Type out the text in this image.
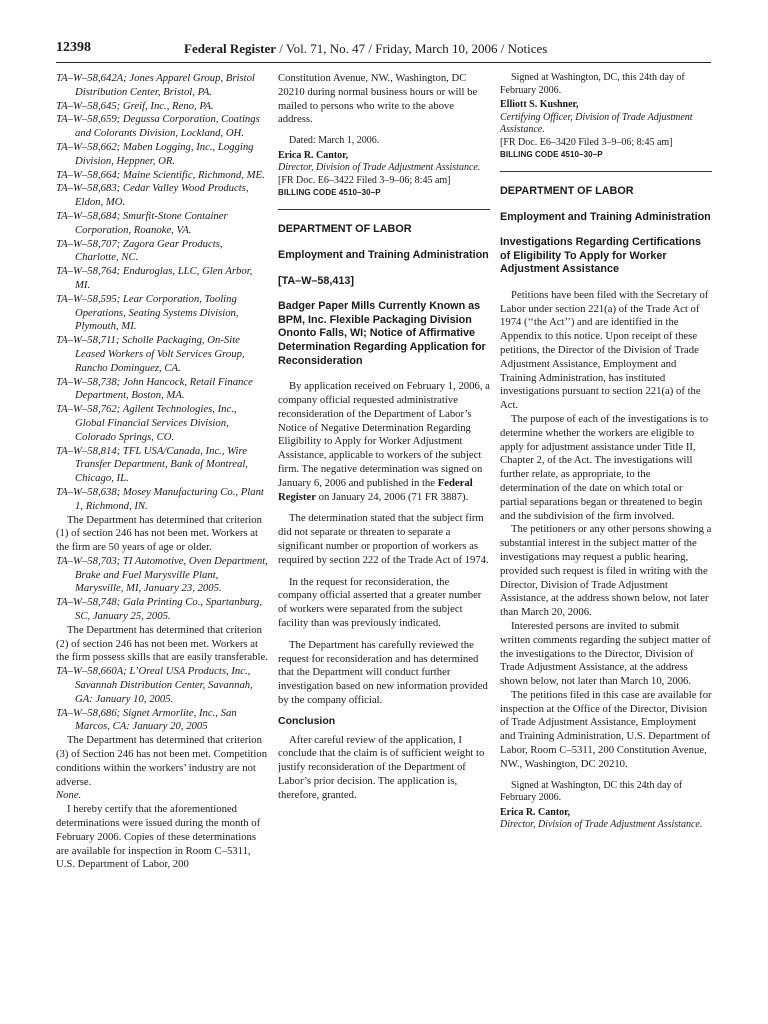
12398	Federal Register / Vol. 71, No. 47 / Friday, March 10, 2006 / Notices

TA–W–58,642A; Jones Apparel Group, Bristol Distribution Center, Bristol, PA.

TA–W–58,645; Greif, Inc., Reno, PA.

TA–W–58,659; Degussa Corporation, Coatings and Colorants Division, Lockland, OH.

TA–W–58,662; Maben Logging, Inc., Logging Division, Heppner, OR.

TA–W–58,664; Maine Scientific, Richmond, ME.

TA–W–58,683; Cedar Valley Wood Products, Eldon, MO.

TA–W–58,684; Smurfit-Stone Container Corporation, Roanoke, VA.

TA–W–58,707; Zagora Gear Products, Charlotte, NC.

TA–W–58,764; Enduroglas, LLC, Glen Arbor, MI.

TA–W–58,595; Lear Corporation, Tooling Operations, Seating Systems Division, Plymouth, MI.

TA–W–58,711; Scholle Packaging, On-Site Leased Workers of Volt Services Group, Rancho Dominguez, CA.

TA–W–58,738; John Hancock, Retail Finance Department, Boston, MA.

TA–W–58,762; Agilent Technologies, Inc., Global Financial Services Division, Colorado Springs, CO.

TA–W–58,814; TFL USA/Canada, Inc., Wire Transfer Department, Bank of Montreal, Chicago, IL.

TA–W–58,638; Mosey Manufacturing Co., Plant 1, Richmond, IN.

The Department has determined that criterion (1) of section 246 has not been met. Workers at the firm are 50 years of age or older.

TA–W–58,703; TI Automotive, Oven Department, Brake and Fuel Marysville Plant, Marysville, MI, January 23, 2005.

TA–W–58,748; Gala Printing Co., Spartanburg, SC, January 25, 2005.

The Department has determined that criterion (2) of section 246 has not been met. Workers at the firm possess skills that are easily transferable.

TA–W–58,660A; L’Oreal USA Products, Inc., Savannah Distribution Center, Savannah, GA: January 10, 2005.

TA–W–58,686; Signet Armorlite, Inc., San Marcos, CA: January 20, 2005

The Department has determined that criterion (3) of Section 246 has not been met. Competition conditions within the workers’ industry are not adverse.

None.

I hereby certify that the aforementioned determinations were issued during the month of February 2006. Copies of these determinations are available for inspection in Room C–5311, U.S. Department of Labor, 200

Constitution Avenue, NW., Washington, DC 20210 during normal business hours or will be mailed to persons who write to the above address.

Dated: March 1, 2006.

Erica R. Cantor,

Director, Division of Trade Adjustment Assistance.

[FR Doc. E6–3422 Filed 3–9–06; 8:45 am]

BILLING CODE 4510–30–P

DEPARTMENT OF LABOR

Employment and Training Administration

[TA–W–58,413]

Badger Paper Mills Currently Known as BPM, Inc. Flexible Packaging Division Ononto Falls, WI; Notice of Affirmative Determination Regarding Application for Reconsideration

By application received on February 1, 2006, a company official requested administrative reconsideration of the Department of Labor’s Notice of Negative Determination Regarding Eligibility to Apply for Worker Adjustment Assistance, applicable to workers of the subject firm. The negative determination was signed on January 6, 2006 and published in the Federal Register on January 24, 2006 (71 FR 3887).

The determination stated that the subject firm did not separate or threaten to separate a significant number or proportion of workers as required by section 222 of the Trade Act of 1974.

In the request for reconsideration, the company official asserted that a greater number of workers were separated from the subject facility than was previously indicated.

The Department has carefully reviewed the request for reconsideration and has determined that the Department will conduct further investigation based on new information provided by the company official.

Conclusion

After careful review of the application, I conclude that the claim is of sufficient weight to justify reconsideration of the Department of Labor’s prior decision. The application is, therefore, granted.

Signed at Washington, DC, this 24th day of February 2006.

Elliott S. Kushner,

Certifying Officer, Division of Trade Adjustment Assistance.

[FR Doc. E6–3420 Filed 3–9–06; 8:45 am]

BILLING CODE 4510–30–P

DEPARTMENT OF LABOR

Employment and Training Administration

Investigations Regarding Certifications of Eligibility To Apply for Worker Adjustment Assistance

Petitions have been filed with the Secretary of Labor under section 221(a) of the Trade Act of 1974 (‘‘the Act’’) and are identified in the Appendix to this notice. Upon receipt of these petitions, the Director of the Division of Trade Adjustment Assistance, Employment and Training Administration, has instituted investigations pursuant to section 221(a) of the Act.

The purpose of each of the investigations is to determine whether the workers are eligible to apply for adjustment assistance under Title II, Chapter 2, of the Act. The investigations will further relate, as appropriate, to the determination of the date on which total or partial separations began or threatened to begin and the subdivision of the firm involved.

The petitioners or any other persons showing a substantial interest in the subject matter of the investigations may request a public hearing, provided such request is filed in writing with the Director, Division of Trade Adjustment Assistance, at the address shown below, not later than March 20, 2006.

Interested persons are invited to submit written comments regarding the subject matter of the investigations to the Director, Division of Trade Adjustment Assistance, at the address shown below, not later than March 10, 2006.

The petitions filed in this case are available for inspection at the Office of the Director, Division of Trade Adjustment Assistance, Employment and Training Administration, U.S. Department of Labor, Room C–5311, 200 Constitution Avenue, NW., Washington, DC 20210.

Signed at Washington, DC this 24th day of February 2006.

Erica R. Cantor,

Director, Division of Trade Adjustment Assistance.
